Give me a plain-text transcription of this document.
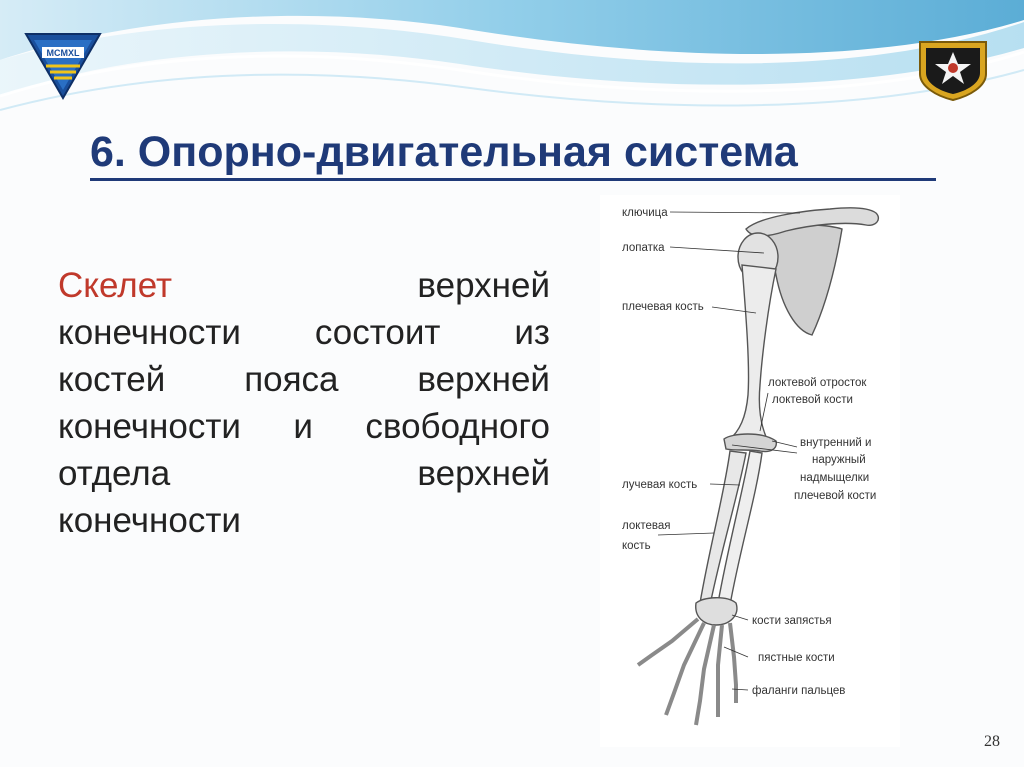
MCMXL
6. Опорно-двигательная система
Скелет	верхней
конечности состоит из
костей пояса верхней
конечности и свободного
отдела	верхней
конечности
ключица
лопатка
плечевая кость
локтевой отросток
локтевой кости
внутренний и
наружный
надмыщелки
плечевой кости
лучевая кость
локтевая
кость
кости запястья
пястные кости
фаланги пальцев
28
